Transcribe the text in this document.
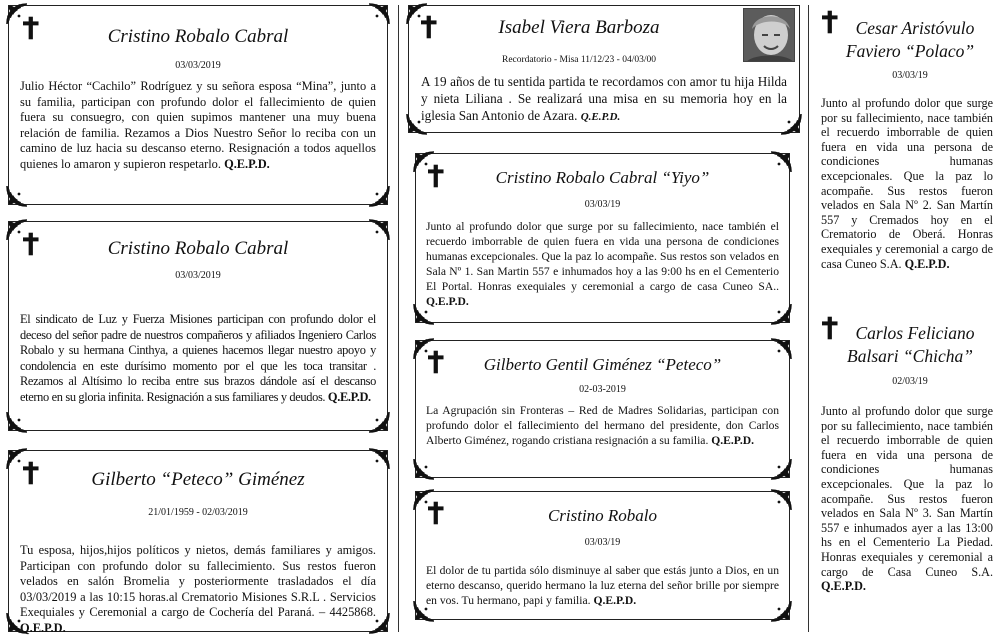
Cristino Robalo Cabral
03/03/2019

Julio Héctor “Cachilo” Rodríguez y su señora esposa “Mina”, junto a su familia, participan con profundo dolor el fallecimiento de quien fuera su consuegro, con quien supimos mantener una muy buena relación de familia. Rezamos a Dios Nuestro Señor lo reciba con un camino de luz hacia su descanso eterno. Resignación a todos aquellos quienes lo amaron y supieron respetarlo. Q.E.P.D.

Cristino Robalo Cabral
03/03/2019

El sindicato de Luz y Fuerza Misiones participan con profundo dolor el deceso del señor padre de nuestros compañeros y afiliados Ingeniero Carlos Robalo y su hermana Cinthya, a quienes hacemos llegar nuestro apoyo y condolencia en este durísimo momento por el que les toca transitar . Rezamos al Altísimo lo reciba entre sus brazos dándole así el descanso eterno en su gloria infinita. Resignación a sus familiares y deudos. Q.E.P.D.

Gilberto “Peteco” Giménez
21/01/1959 - 02/03/2019

Tu esposa, hijos,hijos políticos y nietos, demás familiares y amigos. Participan con profundo dolor su fallecimiento. Sus restos fueron velados en salón Bromelia y posteriormente trasladados el día 03/03/2019 a las 10:15 horas.al Crematorio Misiones S.R.L . Servicios Exequiales y Ceremonial a cargo de Cochería del Paraná. – 4425868. Q.E.P.D.

Isabel Viera Barboza
Recordatorio - Misa 11/12/23 - 04/03/00

A 19 años de tu sentida partida te recordamos con amor tu hija Hilda y nieta Liliana . Se realizará una misa en su memoria hoy en la iglesia San Antonio de Azara. Q.E.P.D.

Cristino Robalo Cabral “Yiyo”
03/03/19

Junto al profundo dolor que surge por su fallecimiento, nace también el recuerdo imborrable de quien fuera en vida una persona de condiciones humanas excepcionales. Que la paz lo acompañe. Sus restos son velados en Sala Nº 1. San Martin 557 e inhumados hoy a las 9:00 hs en el Cementerio El Portal. Honras exequiales y ceremonial a cargo de casa Cuneo SA.. Q.E.P.D.

Gilberto Gentil Giménez “Peteco”
02-03-2019

La Agrupación sin Fronteras – Red de Madres Solidarias, participan con profundo dolor el fallecimiento del hermano del presidente, don Carlos Alberto Giménez, rogando cristiana resignación a su familia. Q.E.P.D.

Cristino Robalo
03/03/19

El dolor de tu partida sólo disminuye al saber que estás junto a Dios, en un eterno descanso, querido hermano la luz eterna del señor brille por siempre en vos. Tu hermano, papi y familia. Q.E.P.D.

Cesar Aristóvulo
Faviero “Polaco”
03/03/19

Junto al profundo dolor que surge por su fallecimiento, nace también el recuerdo imborrable de quien fuera en vida una persona de condiciones humanas excepcionales. Que la paz lo acompañe. Sus restos fueron velados en Sala Nº 2. San Martín 557 y Cremados hoy en el Crematorio de Oberá. Honras exequiales y ceremonial a cargo de casa Cuneo S.A. Q.E.P.D.

Carlos Feliciano
Balsari “Chicha”
02/03/19

Junto al profundo dolor que surge por su fallecimiento, nace también el recuerdo imborrable de quien fuera en vida una persona de condiciones humanas excepcionales. Que la paz lo acompañe. Sus restos fueron velados en Sala Nº 3. San Martín 557 e inhumados ayer a las 13:00 hs en el Cementerio La Piedad. Honras exequiales y ceremonial a cargo de Casa Cuneo S.A. Q.E.P.D.
